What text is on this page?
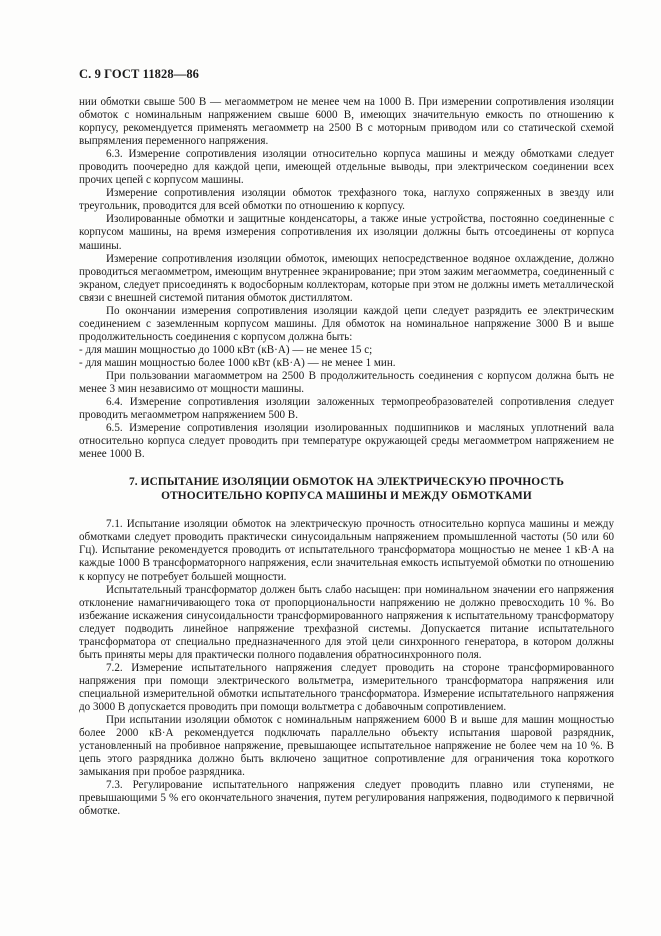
С. 9 ГОСТ 11828—86

нии обмотки свыше 500 В — мегаомметром не менее чем на 1000 В. При измерении сопротивления изоляции обмоток с номинальным напряжением свыше 6000 В, имеющих значительную емкость по отношению к корпусу, рекомендуется применять мегаомметр на 2500 В с моторным приводом или со статической схемой выпрямления переменного напряжения.

6.3. Измерение сопротивления изоляции относительно корпуса машины и между обмотками следует проводить поочередно для каждой цепи, имеющей отдельные выводы, при электрическом соединении всех прочих цепей с корпусом машины.

Измерение сопротивления изоляции обмоток трехфазного тока, наглухо сопряженных в звезду или треугольник, проводится для всей обмотки по отношению к корпусу.

Изолированные обмотки и защитные конденсаторы, а также иные устройства, постоянно соединенные с корпусом машины, на время измерения сопротивления их изоляции должны быть отсоединены от корпуса машины.

Измерение сопротивления изоляции обмоток, имеющих непосредственное водяное охлаждение, должно проводиться мегаомметром, имеющим внутреннее экранирование; при этом зажим мегаомметра, соединенный с экраном, следует присоединять к водосборным коллекторам, которые при этом не должны иметь металлической связи с внешней системой питания обмоток дистиллятом.

По окончании измерения сопротивления изоляции каждой цепи следует разрядить ее электрическим соединением с заземленным корпусом машины. Для обмоток на номинальное напряжение 3000 В и выше продолжительность соединения с корпусом должна быть:

- для машин мощностью до 1000 кВт (кВ·А) — не менее 15 с;

- для машин мощностью более 1000 кВт (кВ·А) — не менее 1 мин.

При пользовании магаомметром на 2500 В продолжительность соединения с корпусом должна быть не менее 3 мин независимо от мощности машины.

6.4. Измерение сопротивления изоляции заложенных термопреобразователей сопротивления следует проводить мегаомметром напряжением 500 В.

6.5. Измерение сопротивления изоляции изолированных подшипников и масляных уплотнений вала относительно корпуса следует проводить при температуре окружающей среды мегаомметром напряжением не менее 1000 В.

7. ИСПЫТАНИЕ ИЗОЛЯЦИИ ОБМОТОК НА ЭЛЕКТРИЧЕСКУЮ ПРОЧНОСТЬ
ОТНОСИТЕЛЬНО КОРПУСА МАШИНЫ И МЕЖДУ ОБМОТКАМИ

7.1. Испытание изоляции обмоток на электрическую прочность относительно корпуса машины и между обмотками следует проводить практически синусоидальным напряжением промышленной частоты (50 или 60 Гц). Испытание рекомендуется проводить от испытательного трансформатора мощностью не менее 1 кВ·А на каждые 1000 В трансформаторного напряжения, если значительная емкость испытуемой обмотки по отношению к корпусу не потребует большей мощности.

Испытательный трансформатор должен быть слабо насыщен: при номинальном значении его напряжения отклонение намагничивающего тока от пропорциональности напряжению не должно превосходить 10 %. Во избежание искажения синусоидальности трансформированного напряжения к испытательному трансформатору следует подводить линейное напряжение трехфазной системы. Допускается питание испытательного трансформатора от специально предназначенного для этой цели синхронного генератора, в котором должны быть приняты меры для практически полного подавления обратносинхронного поля.

7.2. Измерение испытательного напряжения следует проводить на стороне трансформированного напряжения при помощи электрического вольтметра, измерительного трансформатора напряжения или специальной измерительной обмотки испытательного трансформатора. Измерение испытательного напряжения до 3000 В допускается проводить при помощи вольтметра с добавочным сопротивлением.

При испытании изоляции обмоток с номинальным напряжением 6000 В и выше для машин мощностью более 2000 кВ·А рекомендуется подключать параллельно объекту испытания шаровой разрядник, установленный на пробивное напряжение, превышающее испытательное напряжение не более чем на 10 %. В цепь этого разрядника должно быть включено защитное сопротивление для ограничения тока короткого замыкания при пробое разрядника.

7.3. Регулирование испытательного напряжения следует проводить плавно или ступенями, не превышающими 5 % его окончательного значения, путем регулирования напряжения, подводимого к первичной обмотке.
